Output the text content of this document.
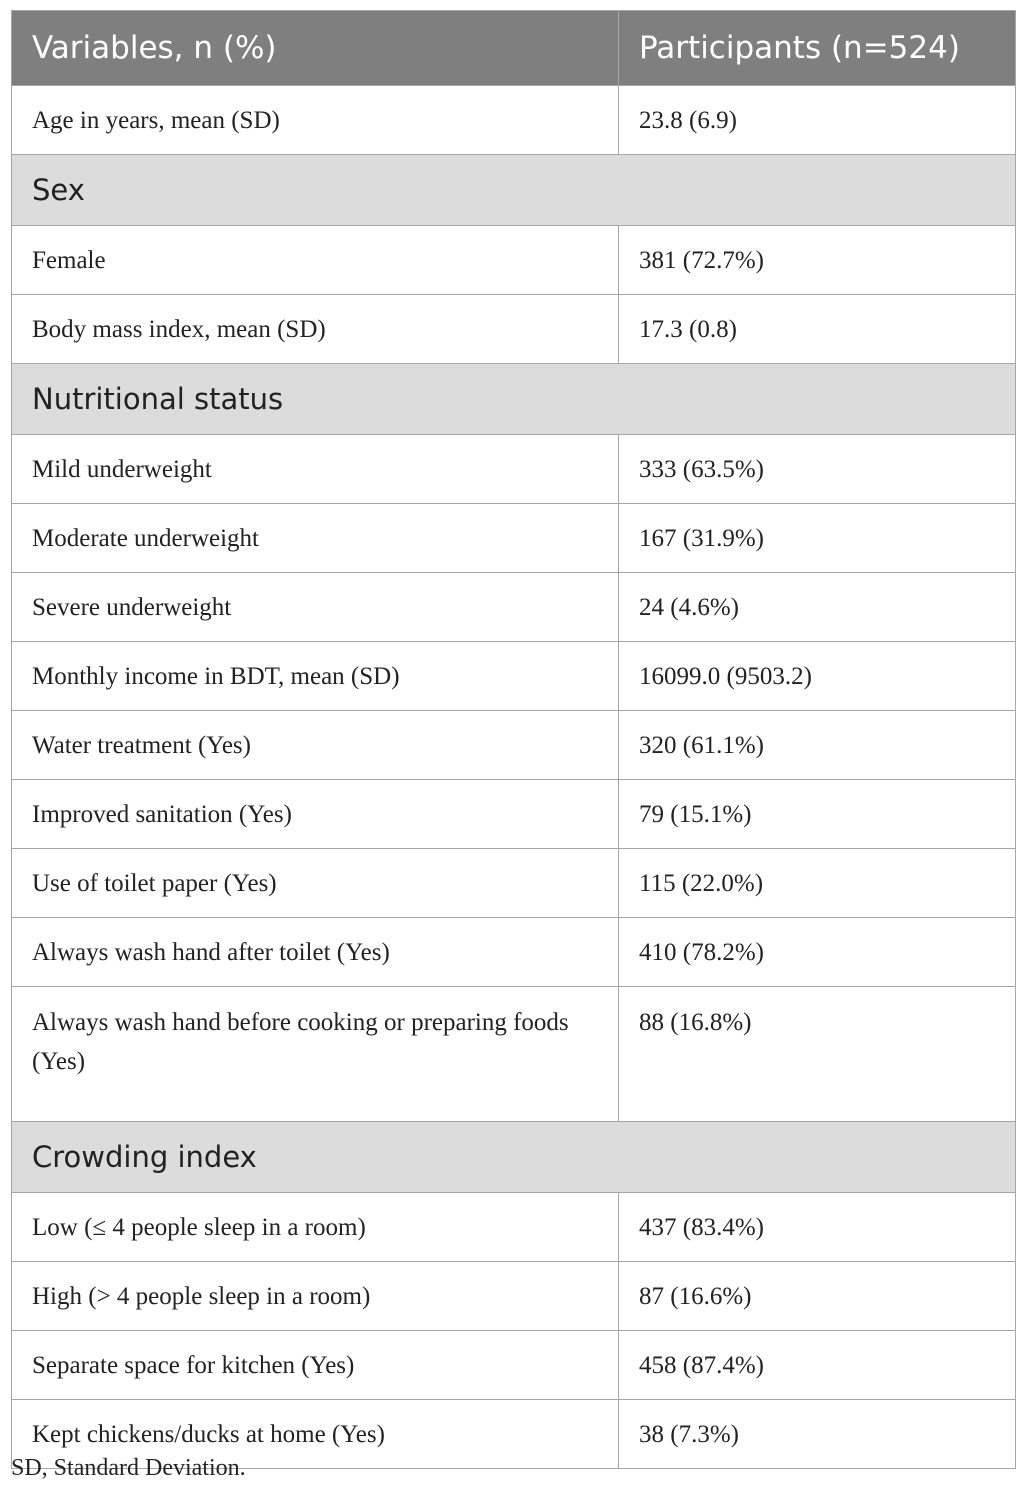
Variables, n (%)	Participants (n=524)
Age in years, mean (SD)	23.8 (6.9)
Sex	
Female	381 (72.7%)
Body mass index, mean (SD)	17.3 (0.8)
Nutritional status	
Mild underweight	333 (63.5%)
Moderate underweight	167 (31.9%)
Severe underweight	24 (4.6%)
Monthly income in BDT, mean (SD)	16099.0 (9503.2)
Water treatment (Yes)	320 (61.1%)
Improved sanitation (Yes)	79 (15.1%)
Use of toilet paper (Yes)	115 (22.0%)
Always wash hand after toilet (Yes)	410 (78.2%)
Always wash hand before cooking or preparing foods (Yes)	88 (16.8%)
Crowding index	
Low (≤ 4 people sleep in a room)	437 (83.4%)
High (> 4 people sleep in a room)	87 (16.6%)
Separate space for kitchen (Yes)	458 (87.4%)
Kept chickens/ducks at home (Yes)	38 (7.3%)
SD, Standard Deviation.
